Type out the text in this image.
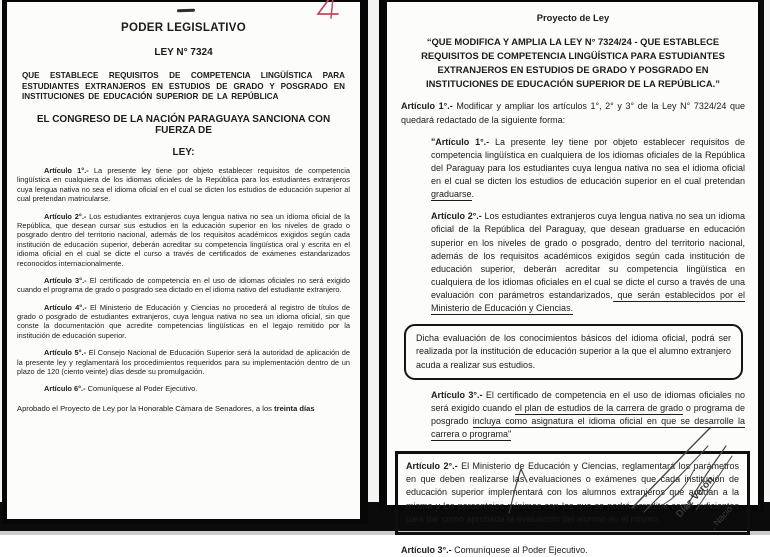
PODER LEGISLATIVO
LEY N° 7324

QUE ESTABLECE REQUISITOS DE COMPETENCIA LINGÜÍSTICA PARA ESTUDIANTES EXTRANJEROS EN ESTUDIOS DE GRADO Y POSGRADO EN INSTITUCIONES DE EDUCACIÓN SUPERIOR DE LA REPÚBLICA

EL CONGRESO DE LA NACIÓN PARAGUAYA SANCIONA CON FUERZA DE
LEY:

Artículo 1°.- La presente ley tiene por objeto establecer requisitos de competencia lingüística en cualquiera de los idiomas oficiales de la República para los estudiantes extranjeros cuya lengua nativa no sea el idioma oficial en el cual se dicten los estudios de educación superior al cual pretendan matricularse.

Artículo 2°.- Los estudiantes extranjeros cuya lengua nativa no sea un idioma oficial de la República, que desean cursar sus estudios en la educación superior en los niveles de grado o posgrado dentro del territorio nacional, además de los requisitos académicos exigidos según cada institución de educación superior, deberán acreditar su competencia lingüística oral y escrita en el idioma oficial en el cual se dicte el curso a través de certificados de exámenes estandarizados reconocidos internacionalmente.

Artículo 3°.- El certificado de competencia en el uso de idiomas oficiales no será exigido cuando el programa de grado o posgrado sea dictado en el idioma nativo del estudiante extranjero.

Artículo 4°.- El Ministerio de Educación y Ciencias no procederá al registro de títulos de grado o posgrado de estudiantes extranjeros, cuya lengua nativa no sea un idioma oficial, sin que conste la documentación que acredite competencias lingüísticas en el legajo remitido por la institución de educación superior.

Artículo 5°.- El Consejo Nacional de Educación Superior será la autoridad de aplicación de la presente ley y reglamentará los procedimientos requeridos para su implementación dentro de un plazo de 120 (ciento veinte) días desde su promulgación.

Artículo 6°.- Comuníquese al Poder Ejecutivo.

Aprobado el Proyecto de Ley por la Honorable Cámara de Senadores, a los treinta días

Proyecto de Ley
“QUE MODIFICA Y AMPLIA LA LEY N° 7324/24 - QUE ESTABLECE REQUISITOS DE COMPETENCIA LINGÜÍSTICA PARA ESTUDIANTES EXTRANJEROS EN ESTUDIOS DE GRADO Y POSGRADO EN INSTITUCIONES DE EDUCACIÓN SUPERIOR DE LA REPÚBLICA.”

Artículo 1°.- Modificar y ampliar los artículos 1°, 2° y 3° de la Ley N° 7324/24 que quedará redactado de la siguiente forma:

"Artículo 1°.- La presente ley tiene por objeto establecer requisitos de competencia lingüística en cualquiera de los idiomas oficiales de la República del Paraguay para los estudiantes cuya lengua nativa no sea el idioma oficial en el cual se dicten los estudios de educación superior en el cual pretendan graduarse.

Artículo 2°.- Los estudiantes extranjeros cuya lengua nativa no sea un idioma oficial de la República del Paraguay, que desean graduarse en educación superior en los niveles de grado o posgrado, dentro del territorio nacional, además de los requisitos académicos exigidos según cada institución de educación superior, deberán acreditar su competencia lingüística en cualquiera de los idiomas oficiales en el cual se dicte el curso a través de una evaluación con parámetros estandarizados, que serán establecidos por el Ministerio de Educación y Ciencias.

Dicha evaluación de los conocimientos básicos del idioma oficial, podrá ser realizada por la institución de educación superior a la que el alumno extranjero acuda a realizar sus estudios.

Artículo 3°.- El certificado de competencia en el uso de idiomas oficiales no será exigido cuando el plan de estudios de la carrera de grado o programa de posgrado incluya como asignatura el idioma oficial en que se desarrolle la carrera o programa"

Artículo 2°.- El Ministerio de Educación y Ciencias, reglamentará los parámetros en que deben realizarse las evaluaciones o exámenes que cada institución de educación superior implementará con los alumnos extranjeros que acudan a la misma y los porcentajes mínimos con los que se podrá acreditar como suficientes para dar como aprobada la evaluación del alumno en el mismo.

Artículo 3°.- Comuníquese al Poder Ejecutivo.

Díaz Verón
. Nacio
